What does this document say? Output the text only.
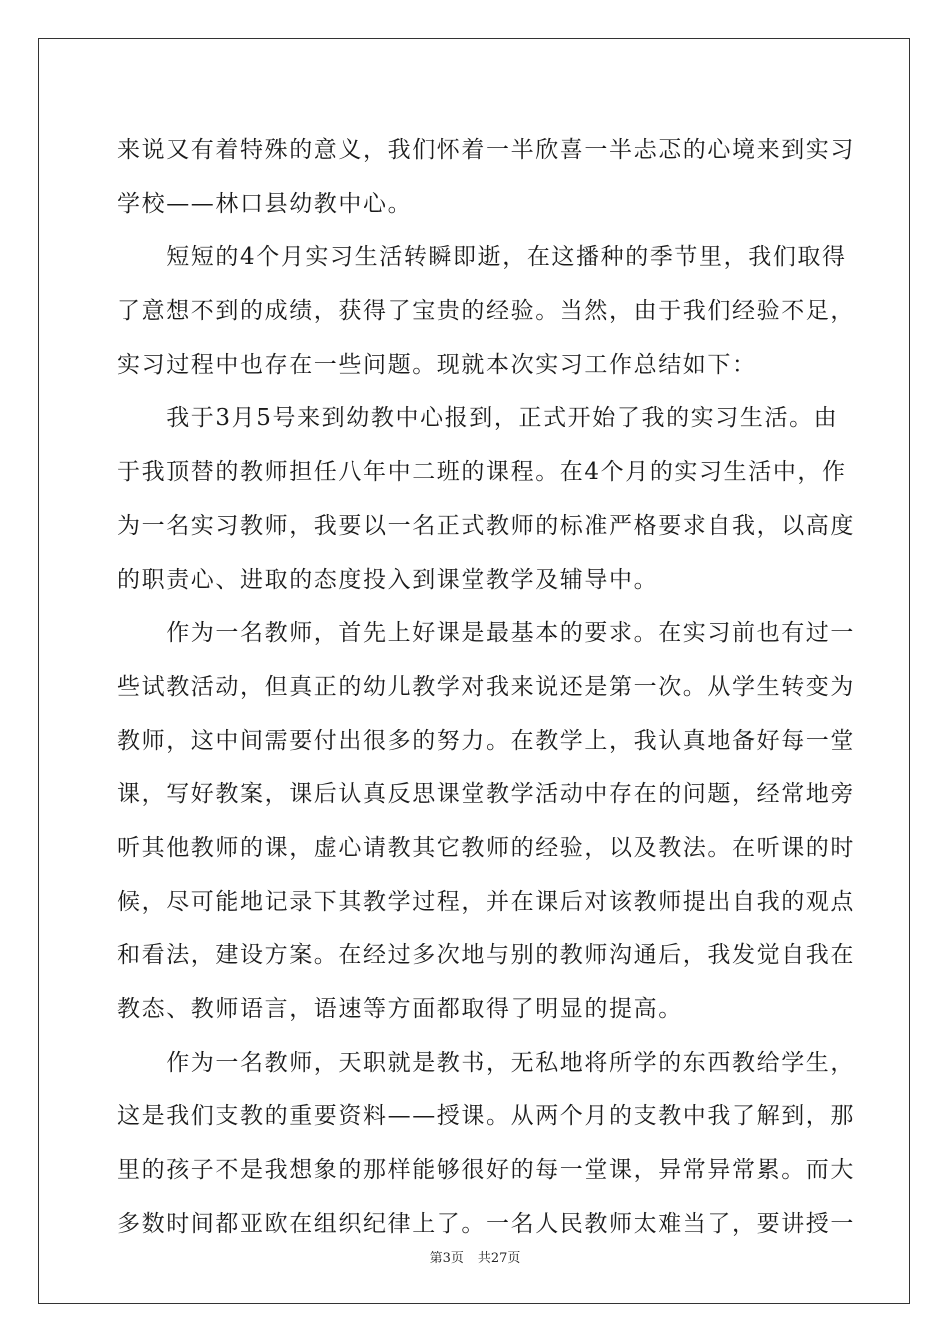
来说又有着特殊的意义，我们怀着一半欣喜一半忐忑的心境来到实习
学校——林口县幼教中心。
　　短短的4个月实习生活转瞬即逝，在这播种的季节里，我们取得
了意想不到的成绩，获得了宝贵的经验。当然，由于我们经验不足，
实习过程中也存在一些问题。现就本次实习工作总结如下：
　　我于3月5号来到幼教中心报到，正式开始了我的实习生活。由
于我顶替的教师担任八年中二班的课程。在4个月的实习生活中，作
为一名实习教师，我要以一名正式教师的标准严格要求自我，以高度
的职责心、进取的态度投入到课堂教学及辅导中。
　　作为一名教师，首先上好课是最基本的要求。在实习前也有过一
些试教活动，但真正的幼儿教学对我来说还是第一次。从学生转变为
教师，这中间需要付出很多的努力。在教学上，我认真地备好每一堂
课，写好教案，课后认真反思课堂教学活动中存在的问题，经常地旁
听其他教师的课，虚心请教其它教师的经验，以及教法。在听课的时
候，尽可能地记录下其教学过程，并在课后对该教师提出自我的观点
和看法，建设方案。在经过多次地与别的教师沟通后，我发觉自我在
教态、教师语言，语速等方面都取得了明显的提高。
　　作为一名教师，天职就是教书，无私地将所学的东西教给学生，
这是我们支教的重要资料——授课。从两个月的支教中我了解到，那
里的孩子不是我想象的那样能够很好的每一堂课，异常异常累。而大
多数时间都亚欧在组织纪律上了。一名人民教师太难当了，要讲授一
第3页 共27页
